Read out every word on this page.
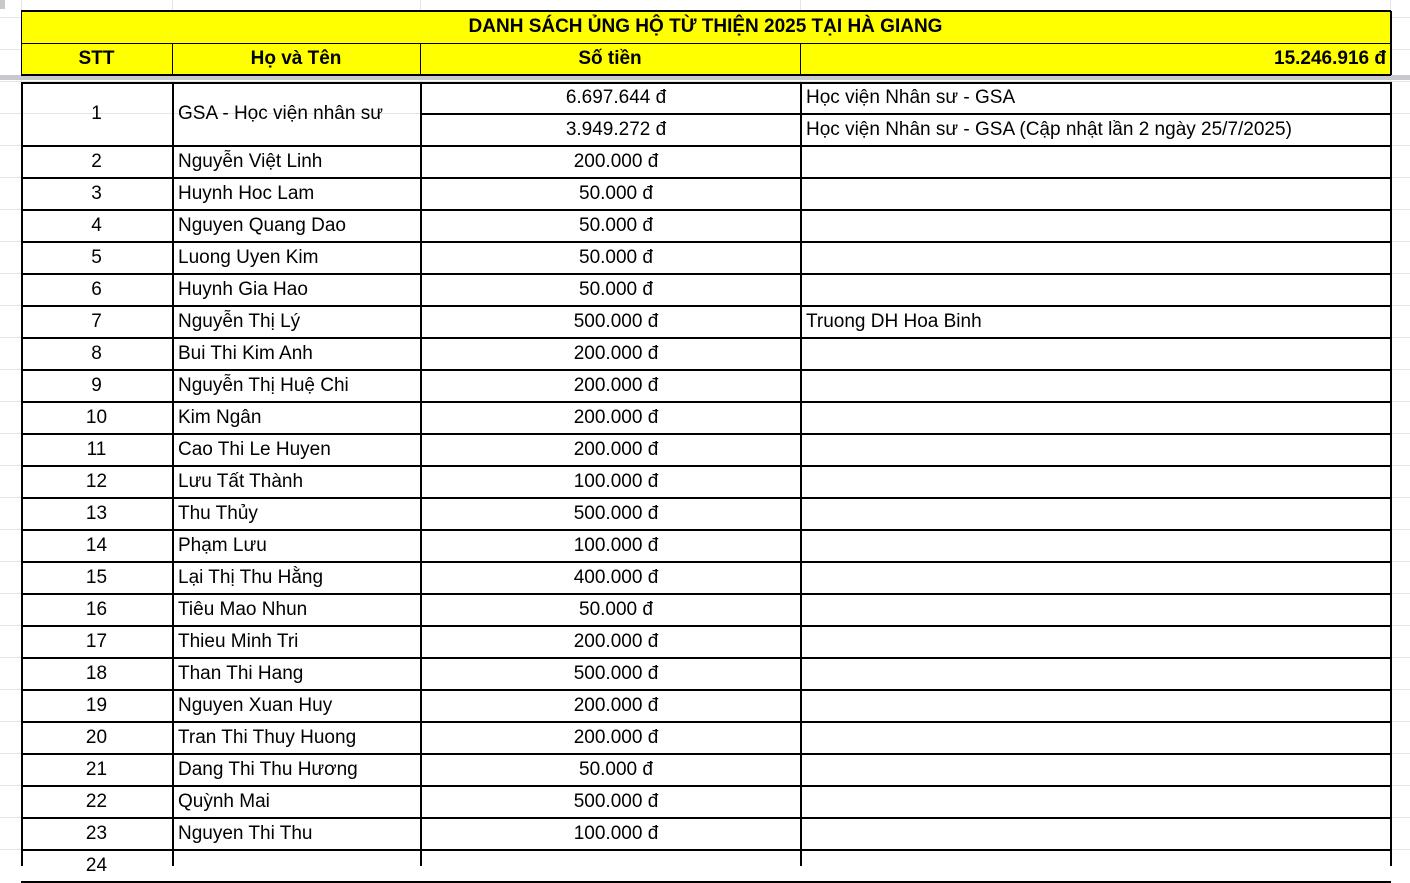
DANH SÁCH ỦNG HỘ TỪ THIỆN 2025 TẠI HÀ GIANG
STT	Họ và Tên	Số tiền	15.246.916 đ
1	GSA - Học viện nhân sư
6.697.644 đ	Học viện Nhân sư - GSA
3.949.272 đ	Học viện Nhân sư - GSA (Cập nhật lần 2 ngày 25/7/2025)
2	Nguyễn Việt Linh	200.000 đ
3	Huynh Hoc Lam	50.000 đ
4	Nguyen Quang Dao	50.000 đ
5	Luong Uyen Kim	50.000 đ
6	Huynh Gia Hao	50.000 đ
7	Nguyễn Thị Lý	500.000 đ	Truong DH Hoa Binh
8	Bui Thi Kim Anh	200.000 đ
9	Nguyễn Thị Huệ Chi	200.000 đ
10	Kim Ngân	200.000 đ
11	Cao Thi Le Huyen	200.000 đ
12	Lưu Tất Thành	100.000 đ
13	Thu Thủy	500.000 đ
14	Phạm Lưu	100.000 đ
15	Lại Thị Thu Hằng	400.000 đ
16	Tiêu Mao Nhun	50.000 đ
17	Thieu Minh Tri	200.000 đ
18	Than Thi Hang	500.000 đ
19	Nguyen Xuan Huy	200.000 đ
20	Tran Thi Thuy Huong	200.000 đ
21	Dang Thi Thu Hương	50.000 đ
22	Quỳnh Mai	500.000 đ
23	Nguyen Thi Thu	100.000 đ
24
